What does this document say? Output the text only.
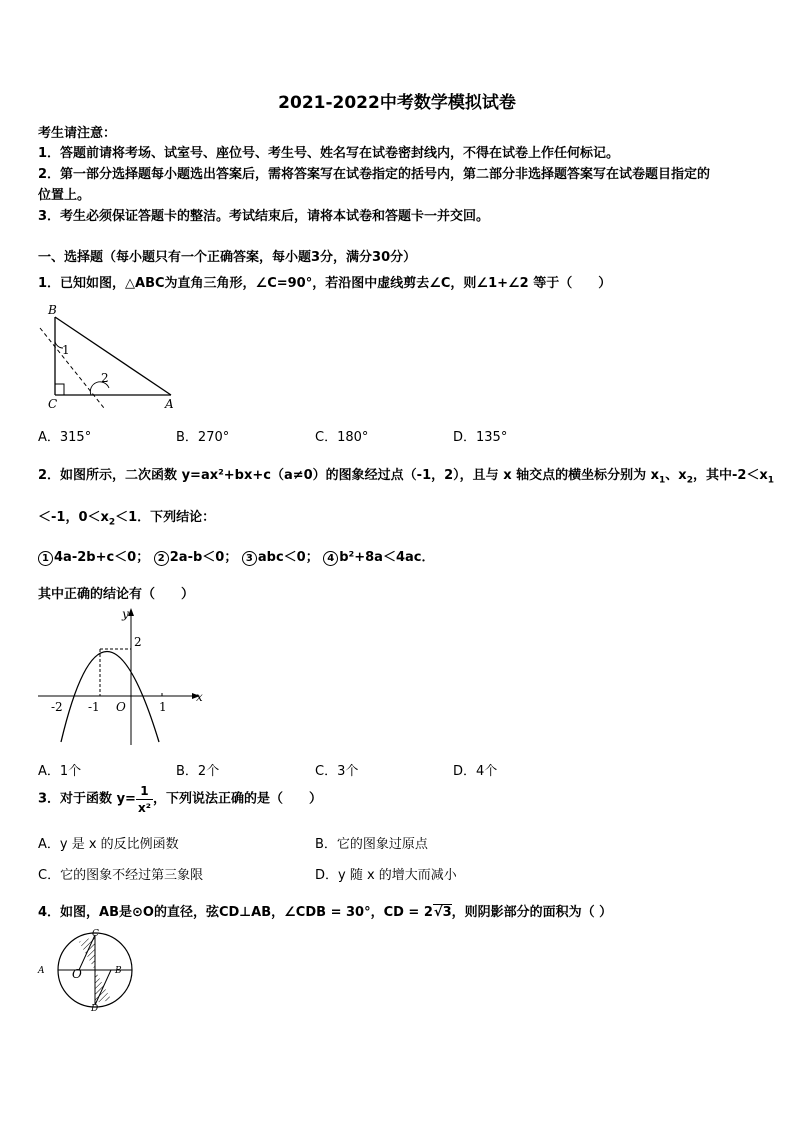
2021-2022中考数学模拟试卷
考生请注意：
1．答题前请将考场、试室号、座位号、考生号、姓名写在试卷密封线内，不得在试卷上作任何标记。
2．第一部分选择题每小题选出答案后，需将答案写在试卷指定的括号内，第二部分非选择题答案写在试卷题目指定的
位置上。
3．考生必须保证答题卡的整洁。考试结束后，请将本试卷和答题卡一并交回。
一、选择题（每小题只有一个正确答案，每小题3分，满分30分）
1．已知如图，△ABC为直角三角形，∠C=90°，若沿图中虚线剪去∠C，则∠1+∠2 等于（　　）
B
C	A
1
2
A．315°	B．270°	C．180°	D．135°
2．如图所示，二次函数 y=ax²+bx+c（a≠0）的图象经过点（-1，2），且与 x 轴交点的横坐标分别为 $x_1$、$x_2$，其中$-2<x_1$
＜-1，$0<x_2<1$．下列结论：
1 4a-2b+c＜0； 2 2a-b＜0； 3 abc＜0； 4 b²+8a＜4ac．
其中正确的结论有（　　）
y
x
2
-2 -1 O	1
A．1个	B．2个	C．3个	D．4个
3．对于函数 $y= \frac{1}{\text{x²}}$ ，下列说法正确的是（　　）
A．y 是 x 的反比例函数	B．它的图象过原点
C．它的图象不经过第三象限	D．y 随 x 的增大而减小
4．如图，AB是⊙O的直径，弦CD⊥AB，∠CDB = 30°，CD = 2√3，则阴影部分的面积为（ ）
C
A	B
D
O
